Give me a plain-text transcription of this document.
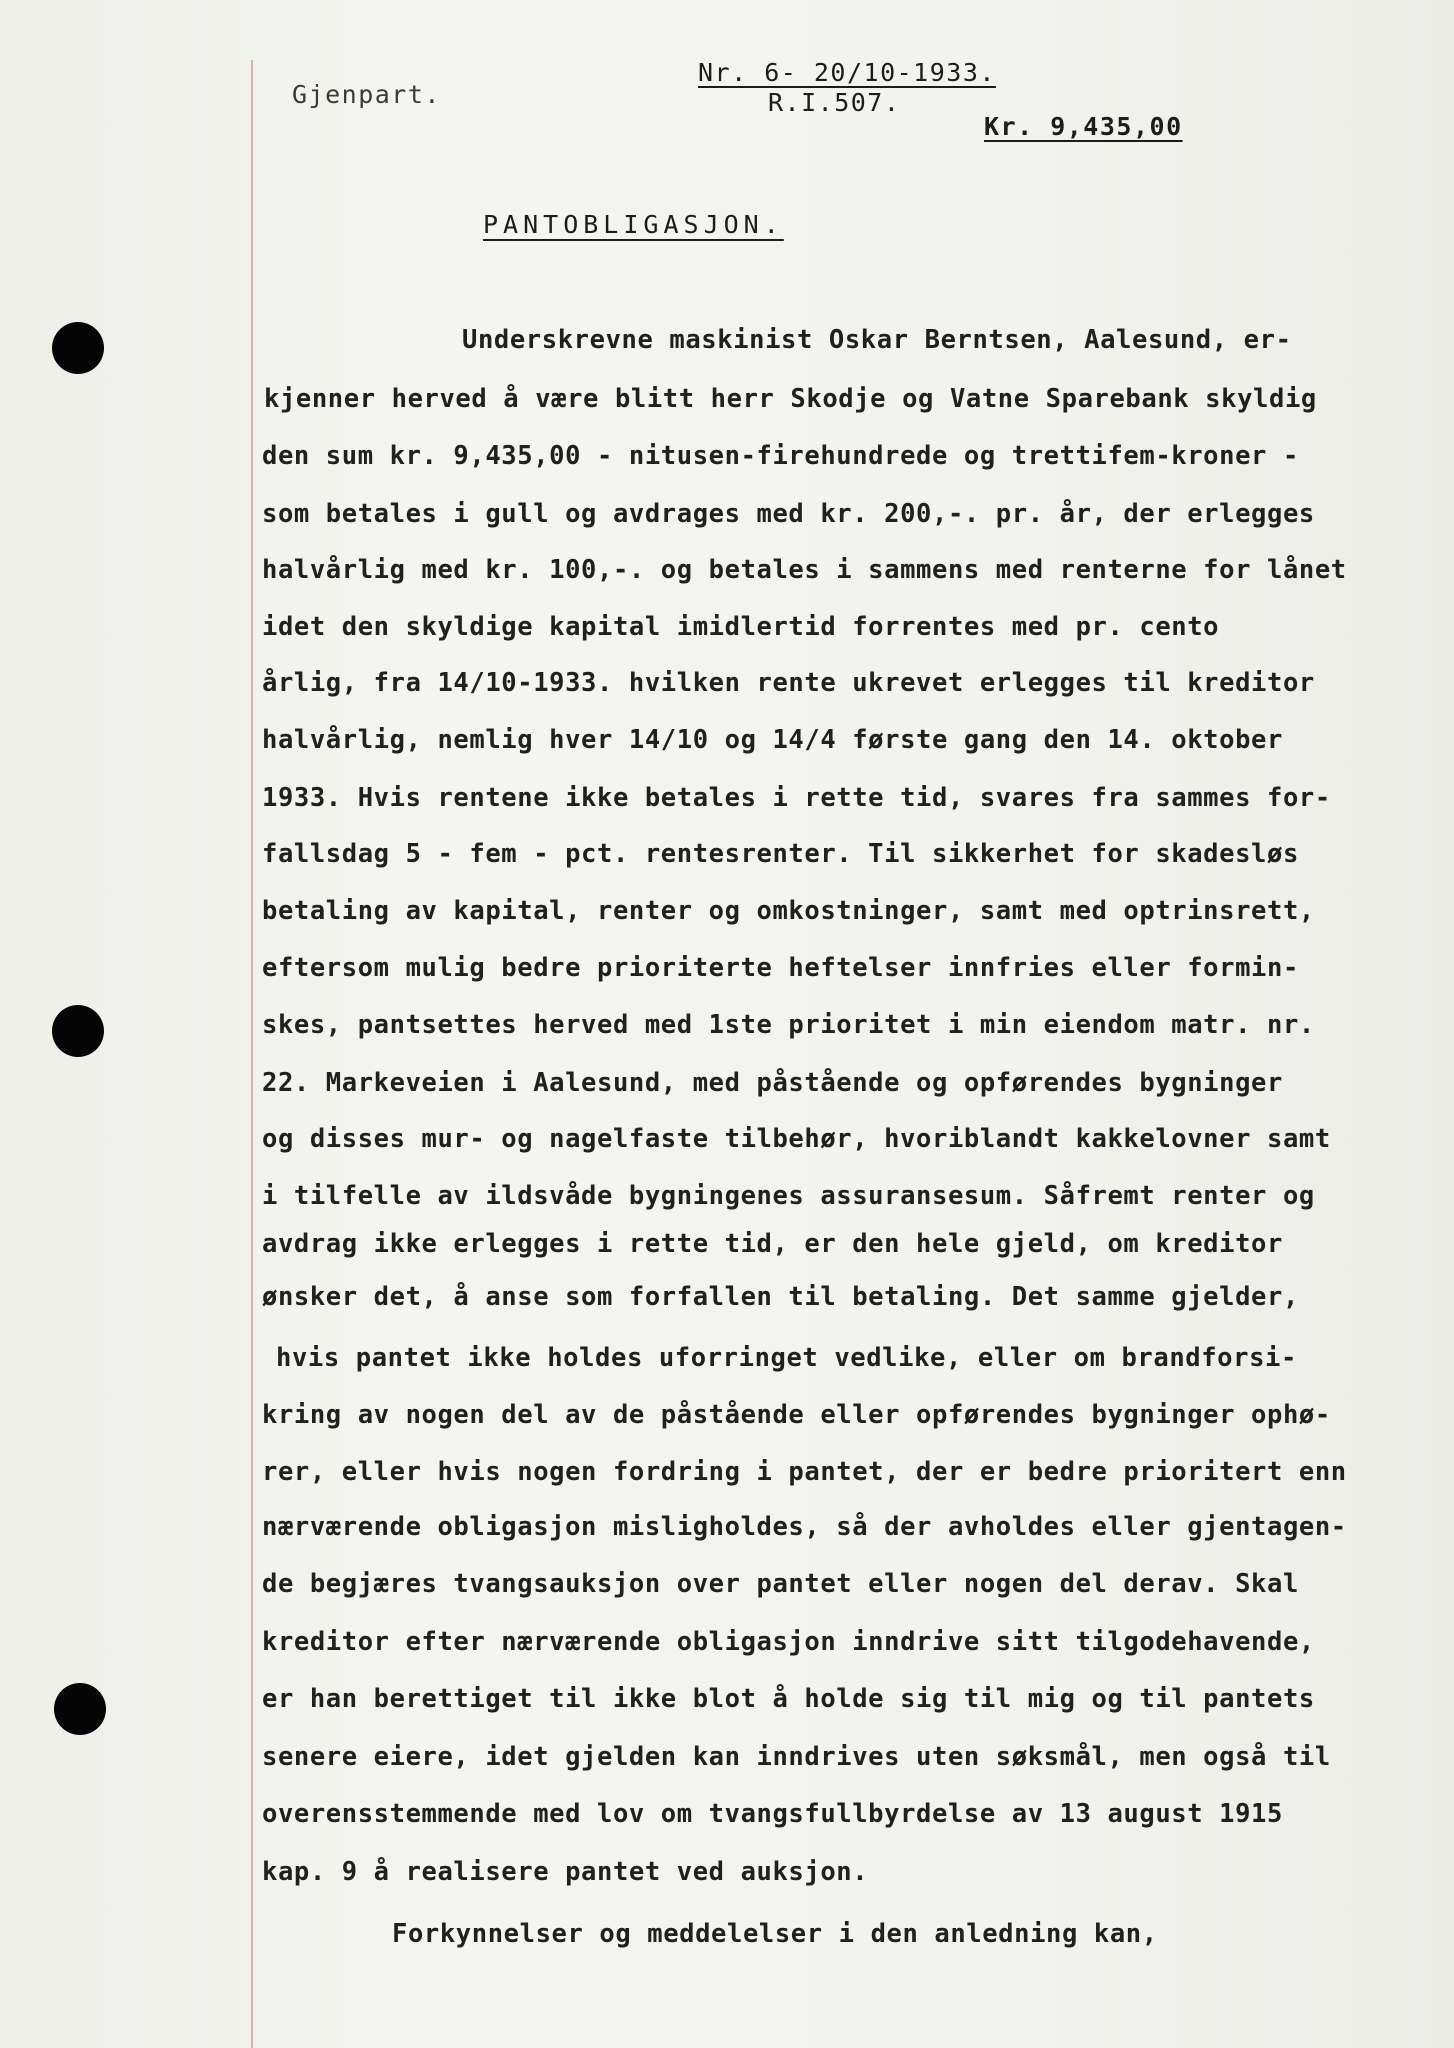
Gjenpart.
Nr. 6- 20/10-1933.
R.I.507.
Kr. 9,435,00
PANTOBLIGASJON.
Underskrevne maskinist Oskar Berntsen, Aalesund, er-
kjenner herved å være blitt herr Skodje og Vatne Sparebank skyldig
den sum kr. 9,435,00 - nitusen-firehundrede og trettifem-kroner -
som betales i gull og avdrages med kr. 200,-. pr. år, der erlegges
halvårlig med kr. 100,-. og betales i sammens med renterne for lånet
idet den skyldige kapital imidlertid forrentes med pr. cento
årlig, fra 14/10-1933. hvilken rente ukrevet erlegges til kreditor
halvårlig, nemlig hver 14/10 og 14/4 første gang den 14. oktober
1933. Hvis rentene ikke betales i rette tid, svares fra sammes for-
fallsdag 5 - fem - pct. rentesrenter. Til sikkerhet for skadesløs
betaling av kapital, renter og omkostninger, samt med optrinsrett,
eftersom mulig bedre prioriterte heftelser innfries eller formin-
skes, pantsettes herved med 1ste prioritet i min eiendom matr. nr.
22. Markeveien i Aalesund, med påstående og opførendes bygninger
og disses mur- og nagelfaste tilbehør, hvoriblandt kakkelovner samt
i tilfelle av ildsvåde bygningenes assuransesum. Såfremt renter og
avdrag ikke erlegges i rette tid, er den hele gjeld, om kreditor
ønsker det, å anse som forfallen til betaling. Det samme gjelder,
hvis pantet ikke holdes uforringet vedlike, eller om brandforsi-
kring av nogen del av de påstående eller opførendes bygninger ophø-
rer, eller hvis nogen fordring i pantet, der er bedre prioritert enn
nærværende obligasjon misligholdes, så der avholdes eller gjentagen-
de begjæres tvangsauksjon over pantet eller nogen del derav. Skal
kreditor efter nærværende obligasjon inndrive sitt tilgodehavende,
er han berettiget til ikke blot å holde sig til mig og til pantets
senere eiere, idet gjelden kan inndrives uten søksmål, men også til
overensstemmende med lov om tvangsfullbyrdelse av 13 august 1915
kap. 9 å realisere pantet ved auksjon.
Forkynnelser og meddelelser i den anledning kan,
